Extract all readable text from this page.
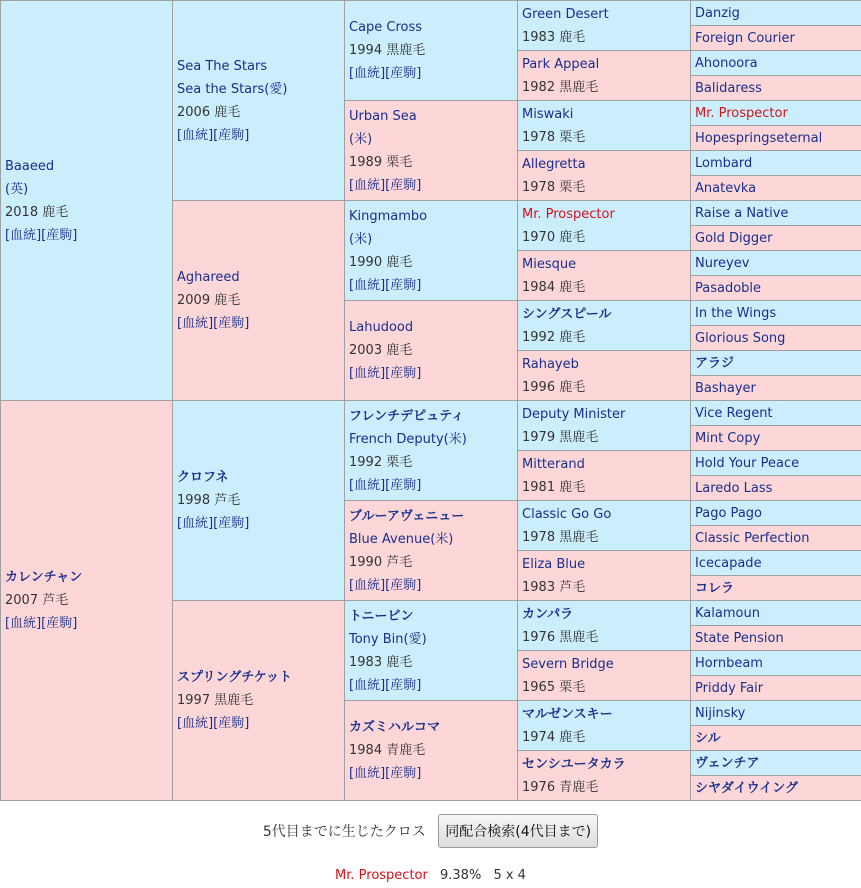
Baaeed
(英)
2018 鹿毛
[血統][産駒]	Sea The Stars
Sea the Stars(愛)
2006 鹿毛
[血統][産駒]	Cape Cross
1994 黒鹿毛
[血統][産駒]	Green Desert
1983 鹿毛	Danzig

				Foreign Courier

			Park Appeal
1982 黒鹿毛	Ahonoora

				Balidaress

		Urban Sea
(米)
1989 栗毛
[血統][産駒]	Miswaki
1978 栗毛	Mr. Prospector

				Hopespringseternal

			Allegretta
1978 栗毛	Lombard

				Anatevka

	Aghareed
2009 鹿毛
[血統][産駒]	Kingmambo
(米)
1990 鹿毛
[血統][産駒]	Mr. Prospector
1970 鹿毛	Raise a Native

				Gold Digger

			Miesque
1984 鹿毛	Nureyev

				Pasadoble

		Lahudood
2003 鹿毛
[血統][産駒]	シングスピール
1992 鹿毛	In the Wings

				Glorious Song

			Rahayeb
1996 鹿毛	アラジ

				Bashayer

カレンチャン
2007 芦毛
[血統][産駒]	クロフネ
1998 芦毛
[血統][産駒]	フレンチデピュティ
French Deputy(米)
1992 栗毛
[血統][産駒]	Deputy Minister
1979 黒鹿毛	Vice Regent

				Mint Copy

			Mitterand
1981 鹿毛	Hold Your Peace

				Laredo Lass

		ブルーアヴェニュー
Blue Avenue(米)
1990 芦毛
[血統][産駒]	Classic Go Go
1978 黒鹿毛	Pago Pago

				Classic Perfection

			Eliza Blue
1983 芦毛	Icecapade

				コレラ

	スプリングチケット
1997 黒鹿毛
[血統][産駒]	トニービン
Tony Bin(愛)
1983 鹿毛
[血統][産駒]	カンパラ
1976 黒鹿毛	Kalamoun

				State Pension

			Severn Bridge
1965 栗毛	Hornbeam

				Priddy Fair

		カズミハルコマ
1984 青鹿毛
[血統][産駒]	マルゼンスキー
1974 鹿毛	Nijinsky

				シル

			センシユータカラ
1976 青鹿毛	ヴェンチア

				シヤダイウイング
5代目までに生じたクロス 同配合検索(4代目まで)
Mr. Prospector 9.38% 5 x 4
